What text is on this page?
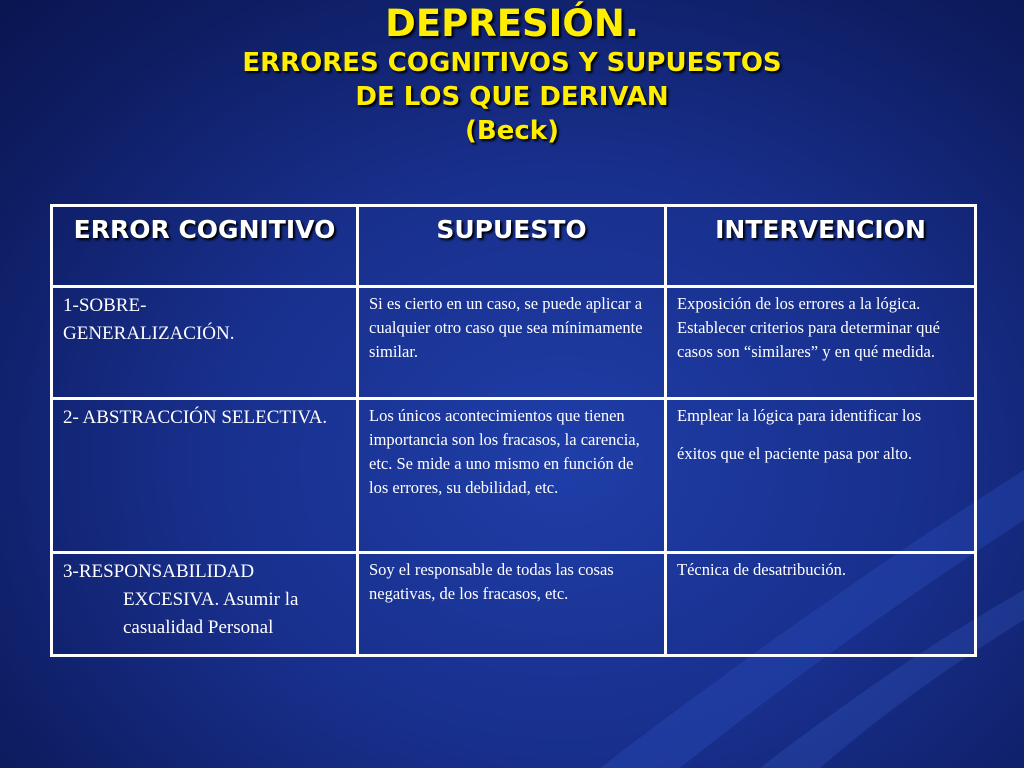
DEPRESIÓN.
ERRORES COGNITIVOS Y SUPUESTOS
DE LOS QUE DERIVAN
(Beck)
ERROR COGNITIVO	SUPUESTO	INTERVENCION
1-SOBRE-
GENERALIZACIÓN.	Si es cierto en un caso, se puede aplicar a cualquier otro caso que sea mínimamente similar.	Exposición de los errores a la lógica. Establecer criterios para determinar qué casos son “similares” y en qué medida.
2- ABSTRACCIÓN SELECTIVA.	Los únicos acontecimientos que tienen importancia son los fracasos, la carencia, etc. Se mide a uno mismo en función de los errores, su debilidad, etc.	Emplear la lógica para identificar los
éxitos que el paciente pasa por alto.
3-RESPONSABILIDAD
EXCESIVA. Asumir la casualidad Personal	Soy el responsable de todas las cosas negativas, de los fracasos, etc.	Técnica de desatribución.
